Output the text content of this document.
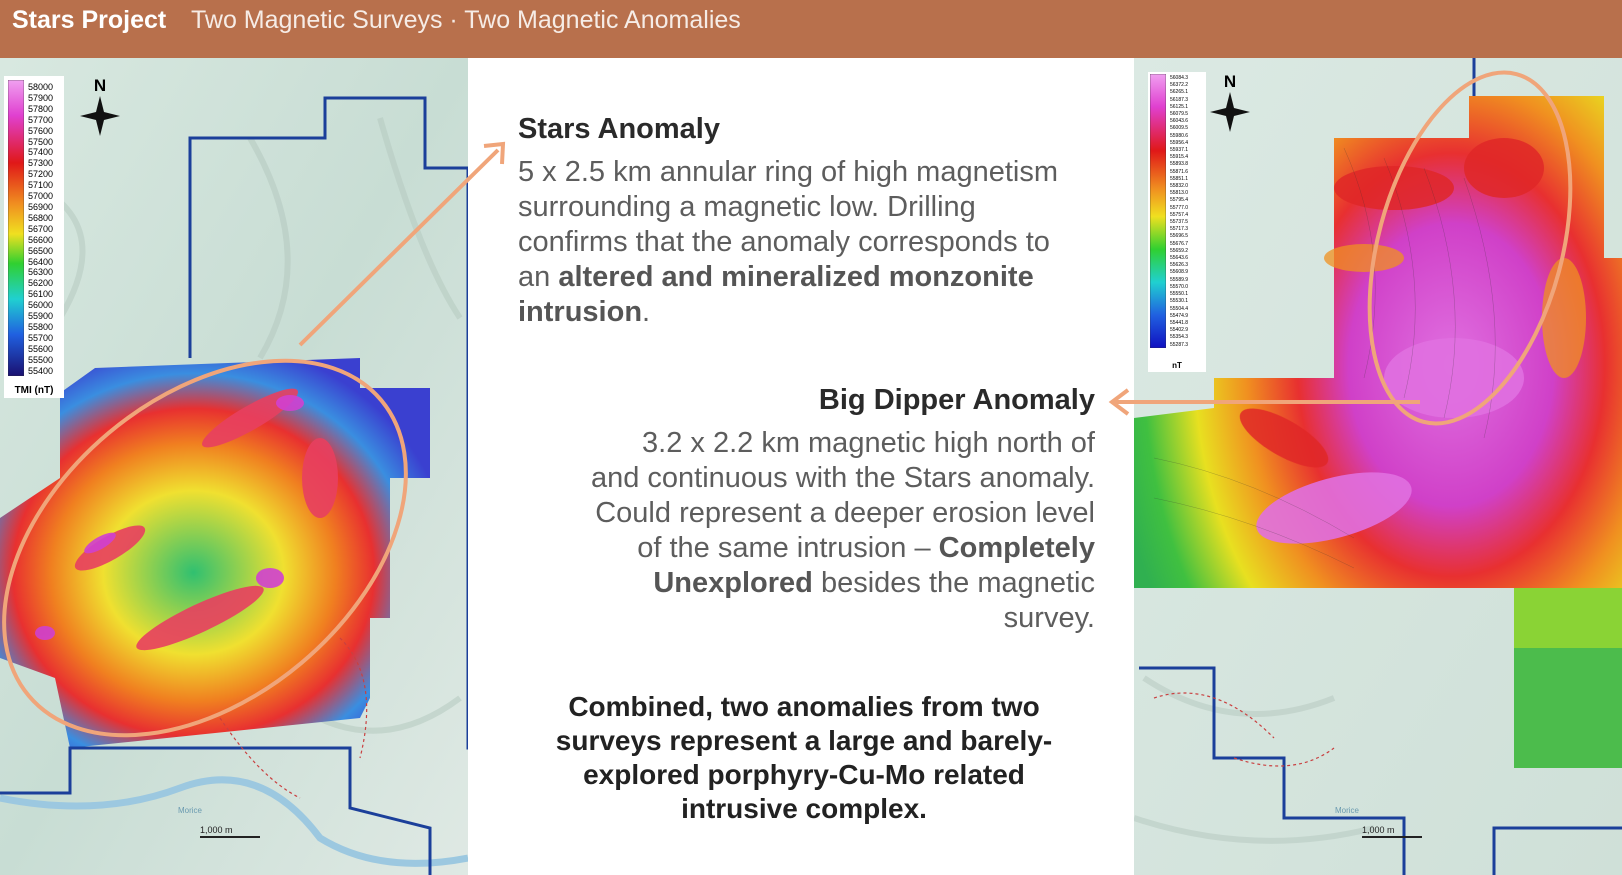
Stars Project Two Magnetic Surveys · Two Magnetic Anomalies
58000
57900
57800
57700
57600
57500
57400
57300
57200
57100
57000
56900
56800
56700
56600
56500
56400
56300
56200
56100
56000
55900
55800
55700
55600
55500
55400
TMI (nT)
N
1,000 m
Morice
56084.3
56372.2
56265.1
56187.3
56125.1
56079.5
56043.6
56009.5
55980.6
55956.4
55937.1
55915.4
55893.8
55871.6
55851.1
55832.0
55813.0
55795.4
55777.0
55757.4
55737.5
55717.3
55696.5
55676.7
55659.2
55643.6
55626.3
55608.9
55589.9
55570.0
55550.1
55530.1
55504.4
55474.9
55441.8
55402.9
55354.3
55287.3
nT
N
1,000 m
Morice
Stars Anomaly
5 x 2.5 km annular ring of high magnetism surrounding a magnetic low. Drilling confirms that the anomaly corresponds to an altered and mineralized monzonite intrusion.
Big Dipper Anomaly
3.2 x 2.2 km magnetic high north of and continuous with the Stars anomaly. Could represent a deeper erosion level of the same intrusion – Completely Unexplored besides the magnetic survey.
Combined, two anomalies from two surveys represent a large and barely-explored porphyry-Cu-Mo related intrusive complex.
